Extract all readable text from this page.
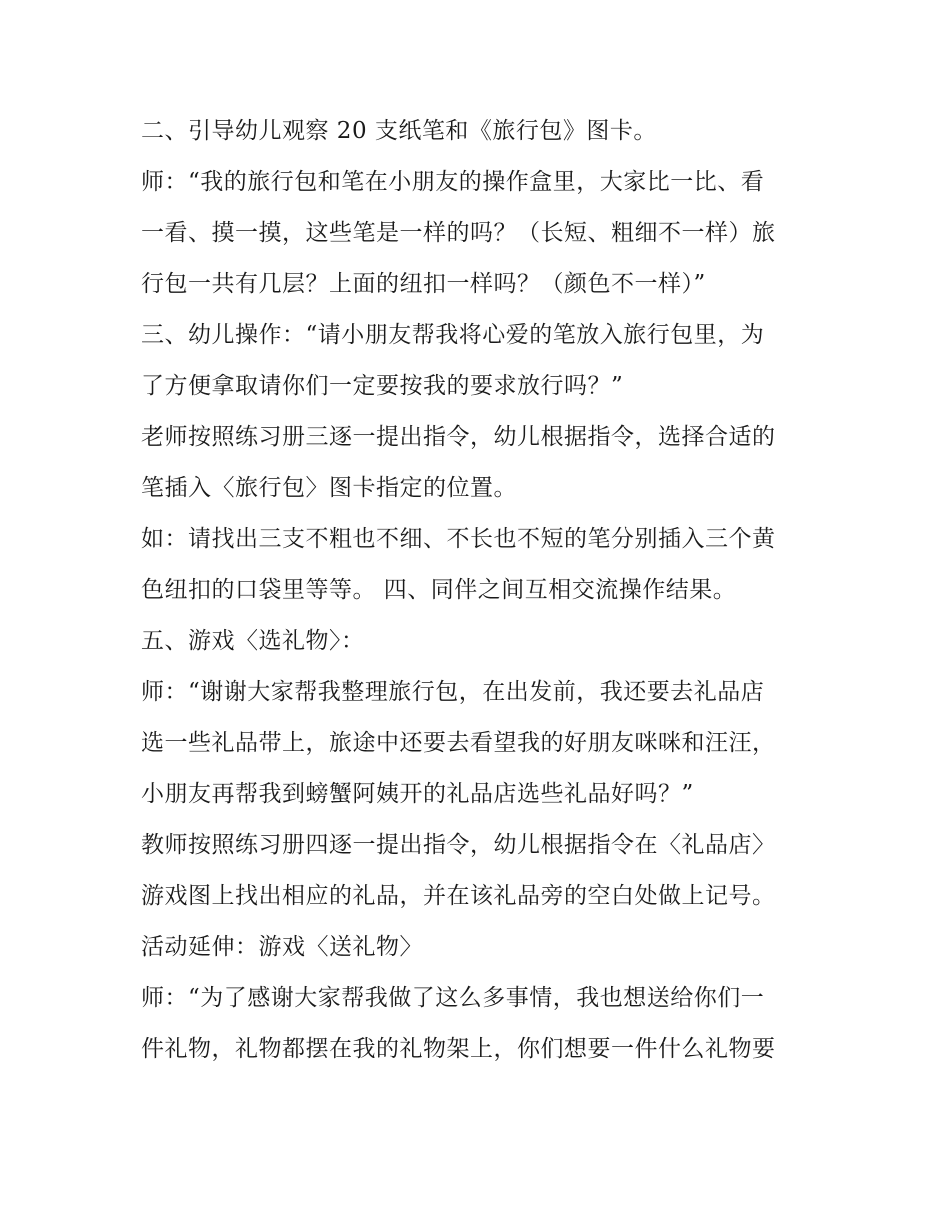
二、引导幼儿观察 20 支纸笔和《旅行包》图卡。
师：“我的旅行包和笔在小朋友的操作盒里，大家比一比、看
一看、摸一摸，这些笔是一样的吗？（长短、粗细不一样）旅
行包一共有几层？上面的纽扣一样吗？（颜色不一样）”
三、幼儿操作：“请小朋友帮我将心爱的笔放入旅行包里，为
了方便拿取请你们一定要按我的要求放行吗？”
老师按照练习册三逐一提出指令，幼儿根据指令，选择合适的
笔插入〈旅行包〉图卡指定的位置。
如：请找出三支不粗也不细、不长也不短的笔分别插入三个黄
色纽扣的口袋里等等。 四、同伴之间互相交流操作结果。
五、游戏〈选礼物〉：
师：“谢谢大家帮我整理旅行包，在出发前，我还要去礼品店
选一些礼品带上，旅途中还要去看望我的好朋友咪咪和汪汪，
小朋友再帮我到螃蟹阿姨开的礼品店选些礼品好吗？”
教师按照练习册四逐一提出指令，幼儿根据指令在〈礼品店〉
游戏图上找出相应的礼品，并在该礼品旁的空白处做上记号。
活动延伸：游戏〈送礼物〉
师：“为了感谢大家帮我做了这么多事情，我也想送给你们一
件礼物，礼物都摆在我的礼物架上，你们想要一件什么礼物要
